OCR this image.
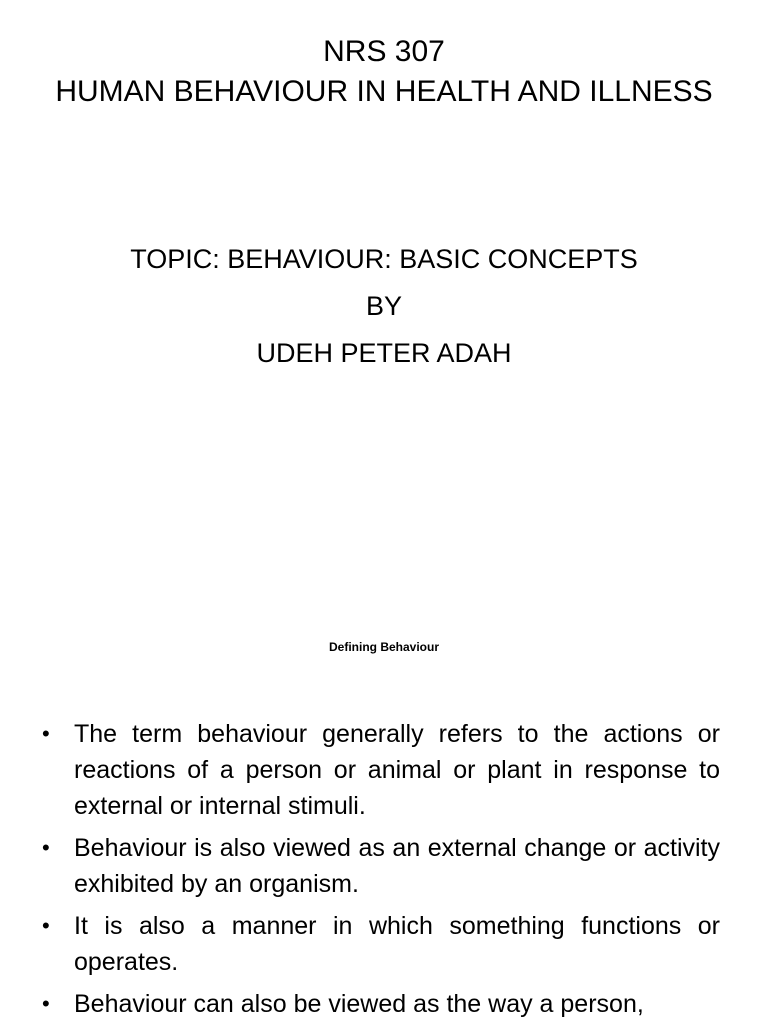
NRS 307
HUMAN BEHAVIOUR IN HEALTH AND ILLNESS
TOPIC: BEHAVIOUR: BASIC CONCEPTS
BY
UDEH PETER ADAH
Defining Behaviour
• The term behaviour generally refers to the actions or reactions of a person or animal or plant in response to external or internal stimuli.
• Behaviour is also viewed as an external change or activity exhibited by an organism.
• It is also a manner in which something functions or operates.
• Behaviour can also be viewed as the way a person,
